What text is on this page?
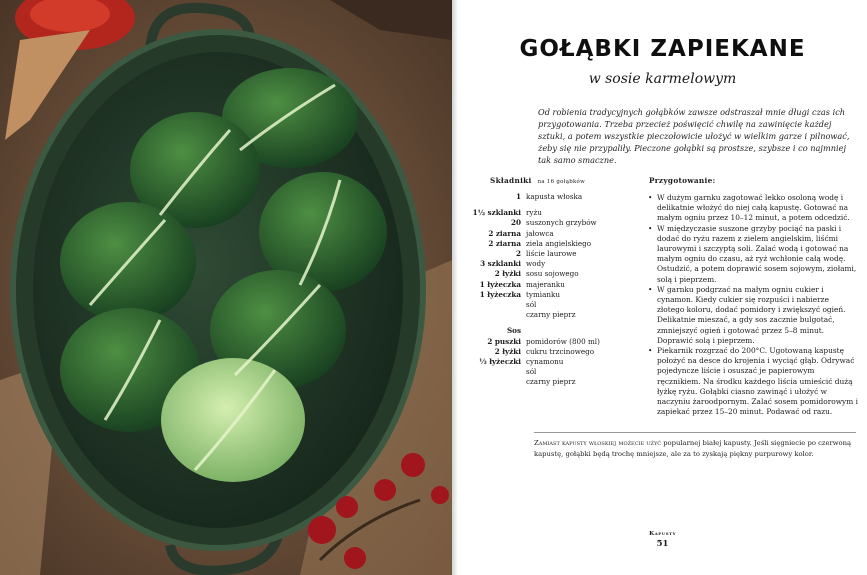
GOŁĄBKI ZAPIEKANE
w sosie karmelowym

Od robienia tradycyjnych gołąbków zawsze odstraszał mnie długi czas ich przygotowania. Trzeba przecież poświęcić chwilę na zawinięcie każdej sztuki, a potem wszystkie pieczołowicie ułożyć w wielkim garze i pilnować, żeby się nie przypaliły. Pieczone gołąbki są prostsze, szybsze i co najmniej tak samo smaczne.

Składniki na 16 gołąbków
1 kapusta włoska
1½ szklanki ryżu
20 suszonych grzybów
2 ziarna jałowca
2 ziarna ziela angielskiego
2 liście laurowe
3 szklanki wody
2 łyżki sosu sojowego
1 łyżeczka majeranku
1 łyżeczka tymianku
sól
czarny pieprz
Sos
2 puszki pomidorów (800 ml)
2 łyżki cukru trzcinowego
⅓ łyżeczki cynamonu
sól
czarny pieprz
Przygotowanie:
• W dużym garnku zagotować lekko osoloną wodę i delikatnie włożyć do niej całą kapustę. Gotować na małym ogniu przez 10–12 minut, a potem odcedzić.
• W międzyczasie suszone grzyby pociąć na paski i dodać do ryżu razem z zielem angielskim, liśćmi laurowymi i szczyptą soli. Zalać wodą i gotować na małym ogniu do czasu, aż ryż wchłonie całą wodę. Ostudzić, a potem doprawić sosem sojowym, ziołami, solą i pieprzem.
• W garnku podgrzać na małym ogniu cukier i cynamon. Kiedy cukier się rozpuści i nabierze złotego koloru, dodać pomidory i zwiększyć ogień. Delikatnie mieszać, a gdy sos zacznie bulgotać, zmniejszyć ogień i gotować przez 5–8 minut. Doprawić solą i pieprzem.
• Piekarnik rozgrzać do 200°C. Ugotowaną kapustę położyć na desce do krojenia i wyciąć głąb. Odrywać pojedyncze liście i osuszać je papierowym ręcznikiem. Na środku każdego liścia umieścić dużą łyżkę ryżu. Gołąbki ciasno zawinąć i ułożyć w naczyniu żaroodpornym. Zalać sosem pomidorowym i zapiekać przez 15–20 minut. Podawać od razu.

Zamiast kapusty włoskiej możecie użyć popularnej białej kapusty. Jeśli sięgniecie po czerwoną kapustę, gołąbki będą trochę mniejsze, ale za to zyskają piękny purpurowy kolor.

Kapusty
51
